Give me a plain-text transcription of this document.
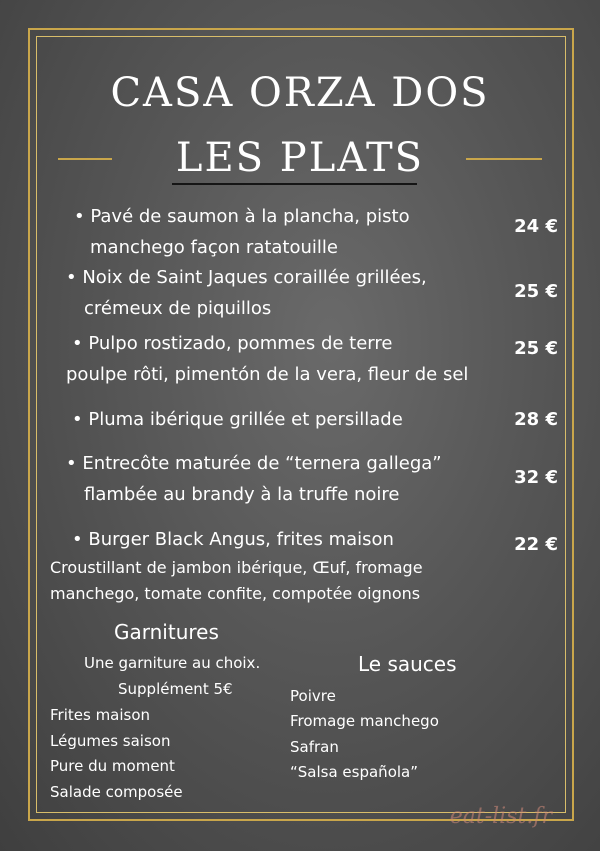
CASA ORZA DOS
LES PLATS
• Pavé de saumon à la plancha, pisto
manchego façon ratatouille
24 €
• Noix de Saint Jaques coraillée grillées,
crémeux de piquillos
25 €
• Pulpo rostizado, pommes de terre
poulpe rôti, pimentón de la vera, fleur de sel
25 €
• Pluma ibérique grillée et persillade	28 €
• Entrecôte maturée de “ternera gallega”
flambée au brandy à la truffe noire
32 €
• Burger Black Angus, frites maison
Croustillant de jambon ibérique, Œuf, fromage
manchego, tomate confite, compotée oignons
22 €
Garnitures
Une garniture au choix.
Supplément 5€
Frites maison
Légumes saison
Pure du moment
Salade composée
Le sauces
Poivre
Fromage manchego
Safran
“Salsa española”
eat-list.fr
